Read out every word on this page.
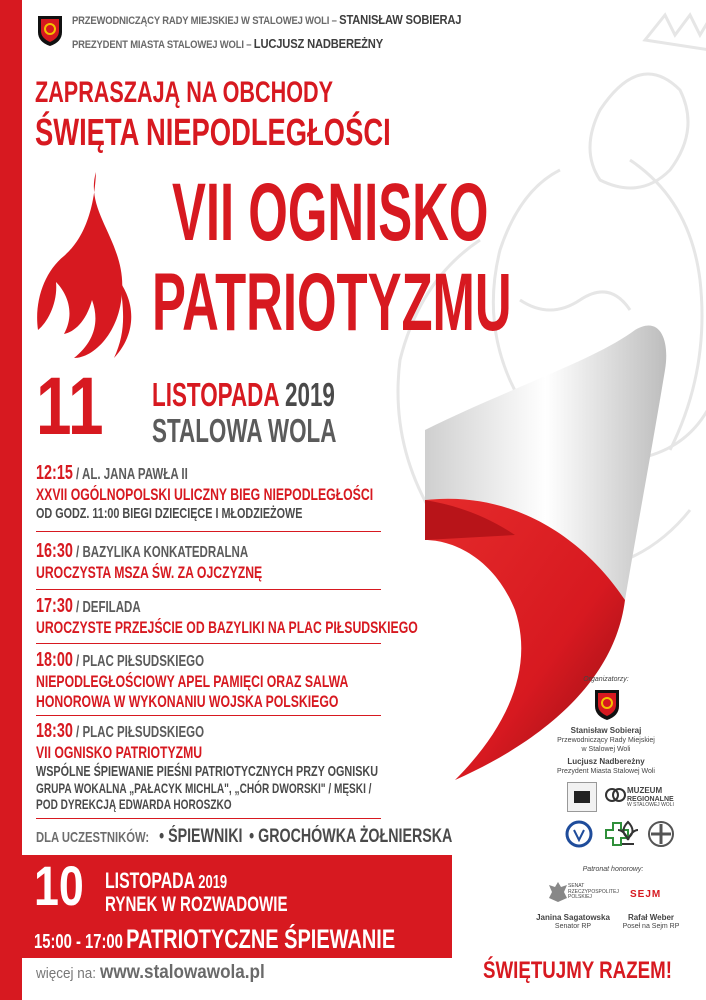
PRZEWODNICZĄCY RADY MIEJSKIEJ W STALOWEJ WOLI – STANISŁAW SOBIERAJ
PREZYDENT MIASTA STALOWEJ WOLI – LUCJUSZ NADBEREŻNY
ZAPRASZAJĄ NA OBCHODY
ŚWIĘTA NIEPODLEGŁOŚCI
VII OGNISKO
PATRIOTYZMU
11 LISTOPADA 2019
STALOWA WOLA
12:15 / AL. JANA PAWŁA II
XXVII OGÓLNOPOLSKI ULICZNY BIEG NIEPODLEGŁOŚCI
OD GODZ. 11:00 BIEGI DZIECIĘCE I MŁODZIEŻOWE
16:30 / BAZYLIKA KONKATEDRALNA
UROCZYSTA MSZA ŚW. ZA OJCZYZNĘ
17:30 / DEFILADA
UROCZYSTE PRZEJŚCIE OD BAZYLIKI NA PLAC PIŁSUDSKIEGO
18:00 / PLAC PIŁSUDSKIEGO
NIEPODLEGŁOŚCIOWY APEL PAMIĘCI ORAZ SALWA
HONOROWA W WYKONANIU WOJSKA POLSKIEGO
18:30 / PLAC PIŁSUDSKIEGO
VII OGNISKO PATRIOTYZMU
WSPÓLNE ŚPIEWANIE PIEŚNI PATRIOTYCZNYCH PRZY OGNISKU
GRUPA WOKALNA „PAŁACYK MICHLA", „CHÓR DWORSKI" / MĘSKI /
POD DYREKCJĄ EDWARDA HOROSZKO
DLA UCZESTNIKÓW: • ŚPIEWNIKI • GROCHÓWKA ŻOŁNIERSKA
10 LISTOPADA 2019
RYNEK W ROZWADOWIE
15:00 - 17:00 PATRIOTYCZNE ŚPIEWANIE
więcej na: www.stalowawola.pl	ŚWIĘTUJMY RAZEM!
Organizatorzy:
Stanisław Sobieraj
Przewodniczący Rady Miejskiej
w Stalowej Woli
Lucjusz Nadbereżny
Prezydent Miasta Stalowej Woli
MUZEUM
REGIONALNE
W STALOWEJ WOLI
Patronat honorowy:
SENAT
RZECZYPOSPOLITEJ
POLSKIEJ	SEJM
Janina Sagatowska
Senator RP
Rafał Weber
Poseł na Sejm RP
